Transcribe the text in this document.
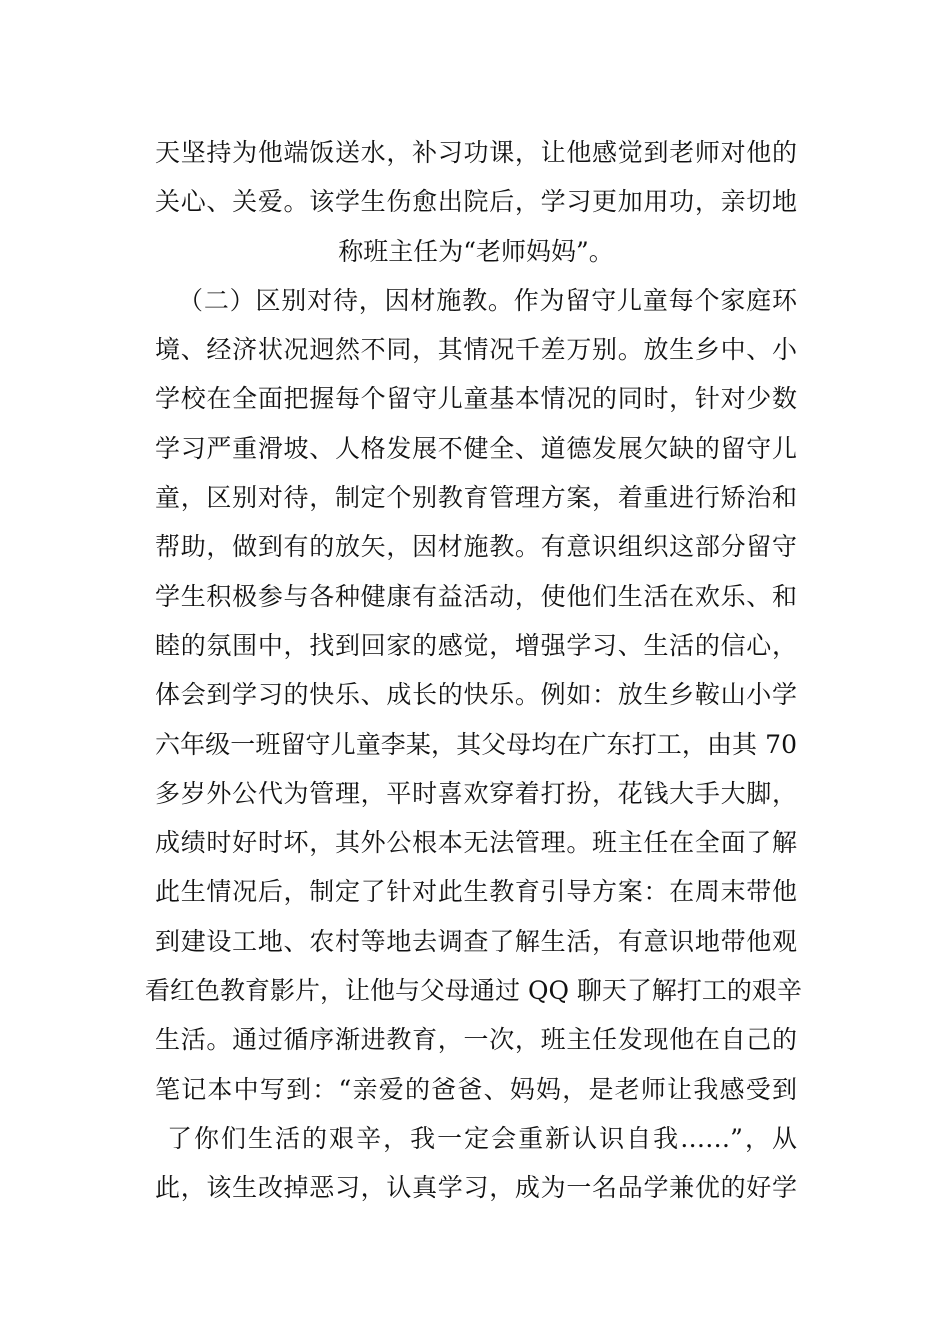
天坚持为他端饭送水，补习功课，让他感觉到老师对他的
关心、关爱。该学生伤愈出院后，学习更加用功，亲切地
称班主任为“老师妈妈”。
（二）区别对待，因材施教。作为留守儿童每个家庭环
境、经济状况迥然不同，其情况千差万别。放生乡中、小
学校在全面把握每个留守儿童基本情况的同时，针对少数
学习严重滑坡、人格发展不健全、道德发展欠缺的留守儿
童，区别对待，制定个别教育管理方案，着重进行矫治和
帮助，做到有的放矢，因材施教。有意识组织这部分留守
学生积极参与各种健康有益活动，使他们生活在欢乐、和
睦的氛围中，找到回家的感觉，增强学习、生活的信心，
体会到学习的快乐、成长的快乐。例如：放生乡鞍山小学
六年级一班留守儿童李某，其父母均在广东打工，由其 70
多岁外公代为管理，平时喜欢穿着打扮，花钱大手大脚，
成绩时好时坏，其外公根本无法管理。班主任在全面了解
此生情况后，制定了针对此生教育引导方案：在周末带他
到建设工地、农村等地去调查了解生活，有意识地带他观
看红色教育影片，让他与父母通过 QQ 聊天了解打工的艰辛
生活。通过循序渐进教育，一次，班主任发现他在自己的
笔记本中写到：“亲爱的爸爸、妈妈，是老师让我感受到
了你们生活的艰辛，我一定会重新认识自我……”，从
此，该生改掉恶习，认真学习，成为一名品学兼优的好学
